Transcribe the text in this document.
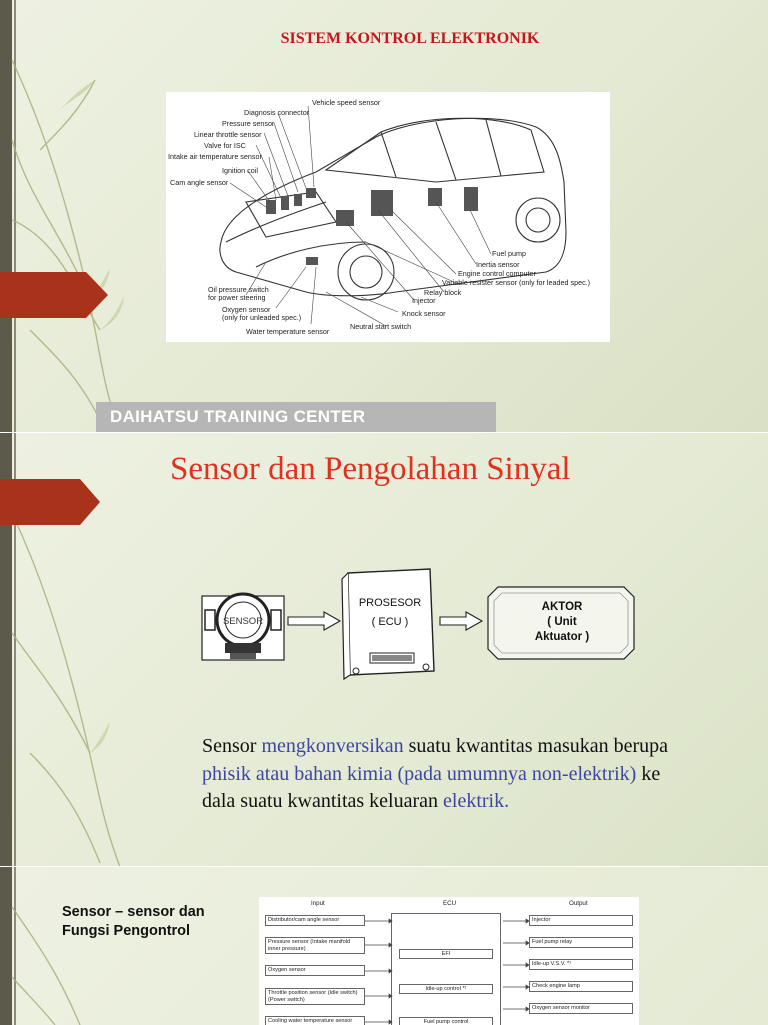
SISTEM KONTROL ELEKTRONIK
Vehicle speed sensor
Diagnosis connector
Pressure sensor
Linear throttle sensor
Valve for ISC
Intake air temperature sensor
Ignition coil
Cam angle sensor
Fuel pump
Inertia sensor
Engine control computer
Variable resister sensor (only for leaded spec.)
Relay block
Injector
Knock sensor
Neutral start switch
Oil pressure switch
for power steering
Oxygen sensor
(only for unleaded spec.)
Water temperature sensor
DAIHATSU TRAINING CENTER
Sensor dan Pengolahan Sinyal
SENSOR
PROSESOR
( ECU )
AKTOR
( Unit
Aktuator )
Sensor mengkonversikan suatu kwantitas masukan berupa phisik atau bahan kimia (pada umumnya non-elektrik) ke dala suatu kwantitas keluaran elektrik.
Sensor – sensor dan
Fungsi Pengontrol
Input	ECU	Output
Distributor/cam angle sensor
Pressure sensor (Intake manifold inner pressure)
Oxygen sensor
Throttle position sensor (Idle switch) (Power switch)
Cooling water temperature sensor
EFI
Idle-up control *¹
Fuel pump control
Injector
Fuel pump relay
Idle-up V.S.V. *¹
Check engine lamp
Oxygen sensor monitor
